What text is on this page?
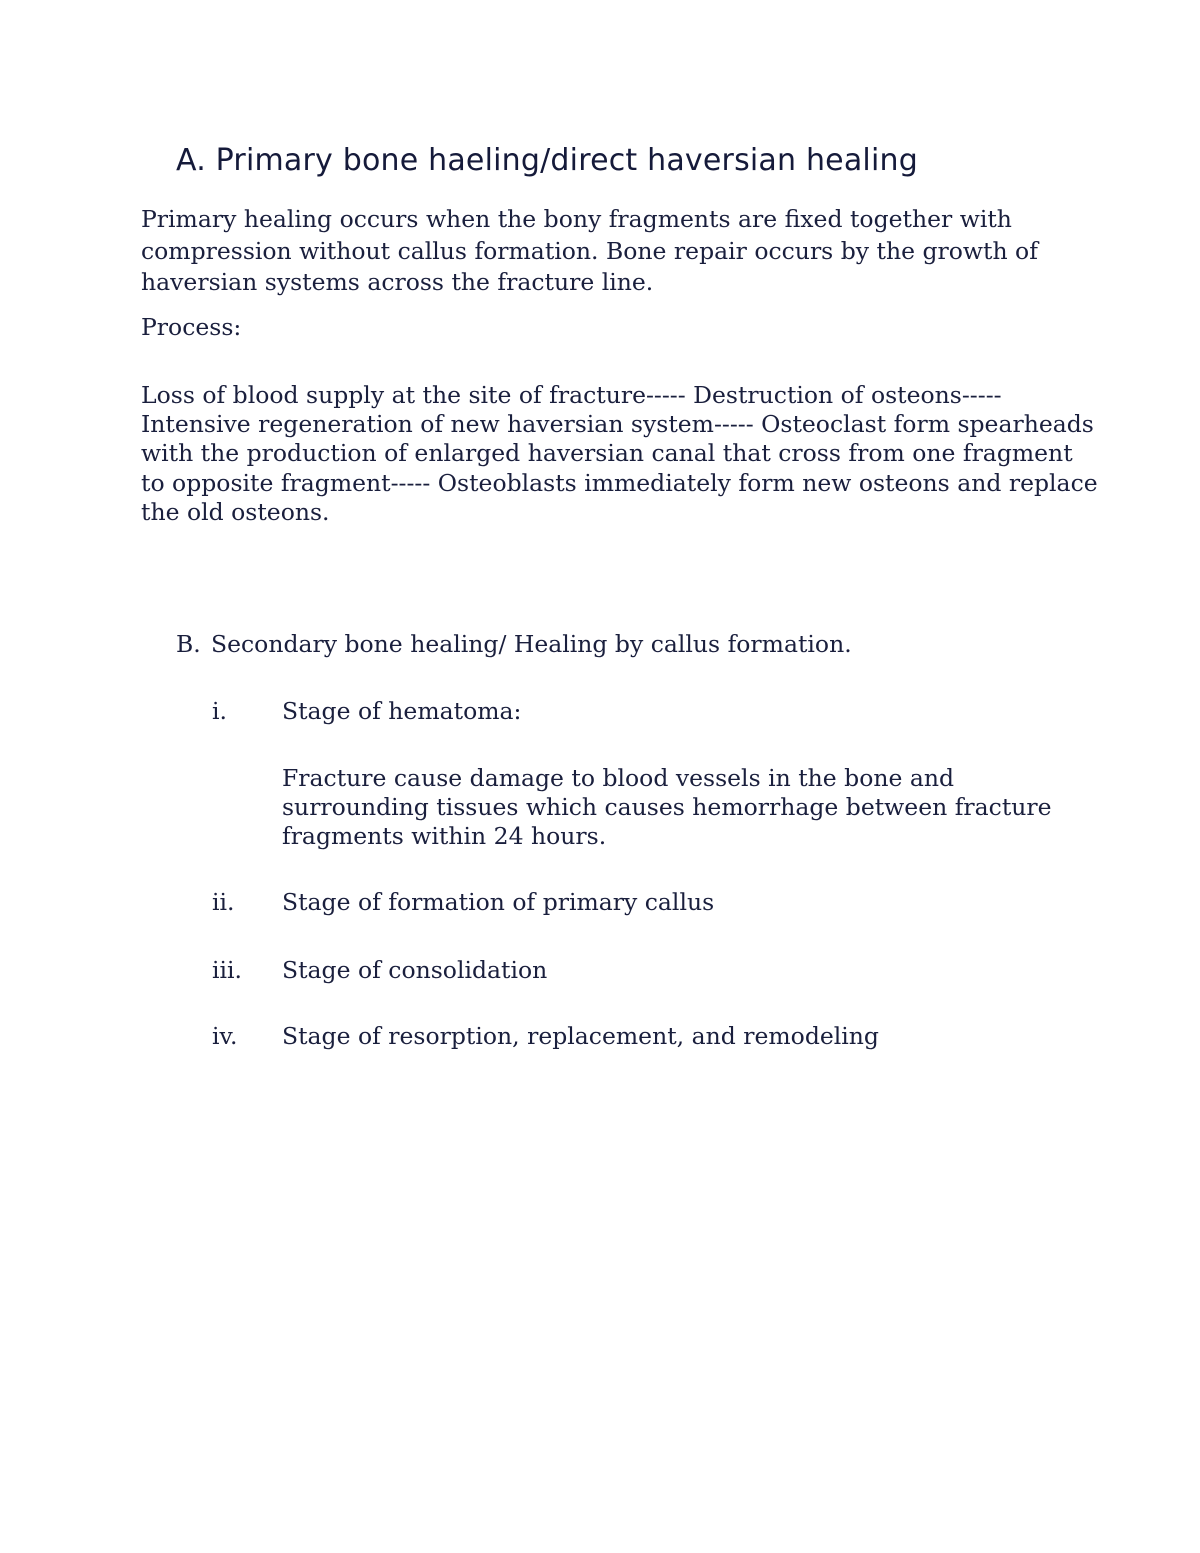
A. Primary bone haeling/direct haversian healing
Primary healing occurs when the bony fragments are fixed together with compression without callus formation. Bone repair occurs by the growth of haversian systems across the fracture line.
Process:
Loss of blood supply at the site of fracture----- Destruction of osteons----- Intensive regeneration of new haversian system----- Osteoclast form spearheads with the production of enlarged haversian canal that cross from one fragment to opposite fragment----- Osteoblasts immediately form new osteons and replace the old osteons.
B. Secondary bone healing/ Healing by callus formation.
i. Stage of hematoma:
Fracture cause damage to blood vessels in the bone and surrounding tissues which causes hemorrhage between fracture fragments within 24 hours.
ii. Stage of formation of primary callus
iii. Stage of consolidation
iv. Stage of resorption, replacement, and remodeling
